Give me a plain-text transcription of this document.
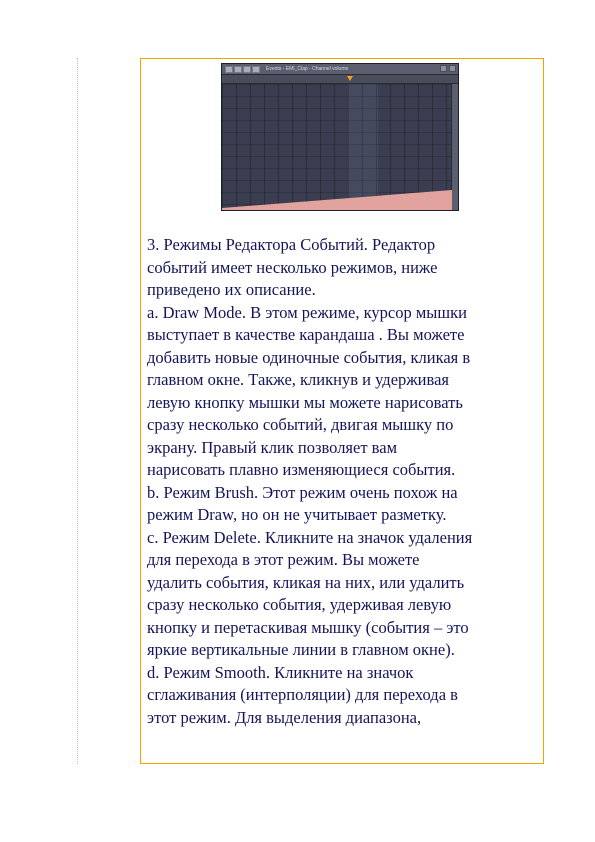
Events - EMI_Clap - Channel volume

3. Режимы Редактора Событий. Редактор

событий имеет несколько режимов, ниже

приведено их описание.

a. Draw Mode. В этом режиме, курсор мышки

выступает в качестве карандаша . Вы можете

добавить новые одиночные события, кликая в

главном окне. Также, кликнув и удерживая

левую кнопку мышки мы можете нарисовать

сразу несколько событий, двигая мышку по

экрану. Правый клик позволяет вам

нарисовать плавно изменяющиеся события.

b. Режим Brush. Этот режим очень похож на

режим Draw, но он не учитывает разметку.

c. Режим Delete. Кликните на значок удаления

для перехода в этот режим. Вы можете

удалить события, кликая на них, или удалить

сразу несколько события, удерживая левую

кнопку и перетаскивая мышку (события – это

яркие вертикальные линии в главном окне).

d. Режим Smooth. Кликните на значок

сглаживания (интерполяции) для перехода в

этот режим. Для выделения диапазона,
